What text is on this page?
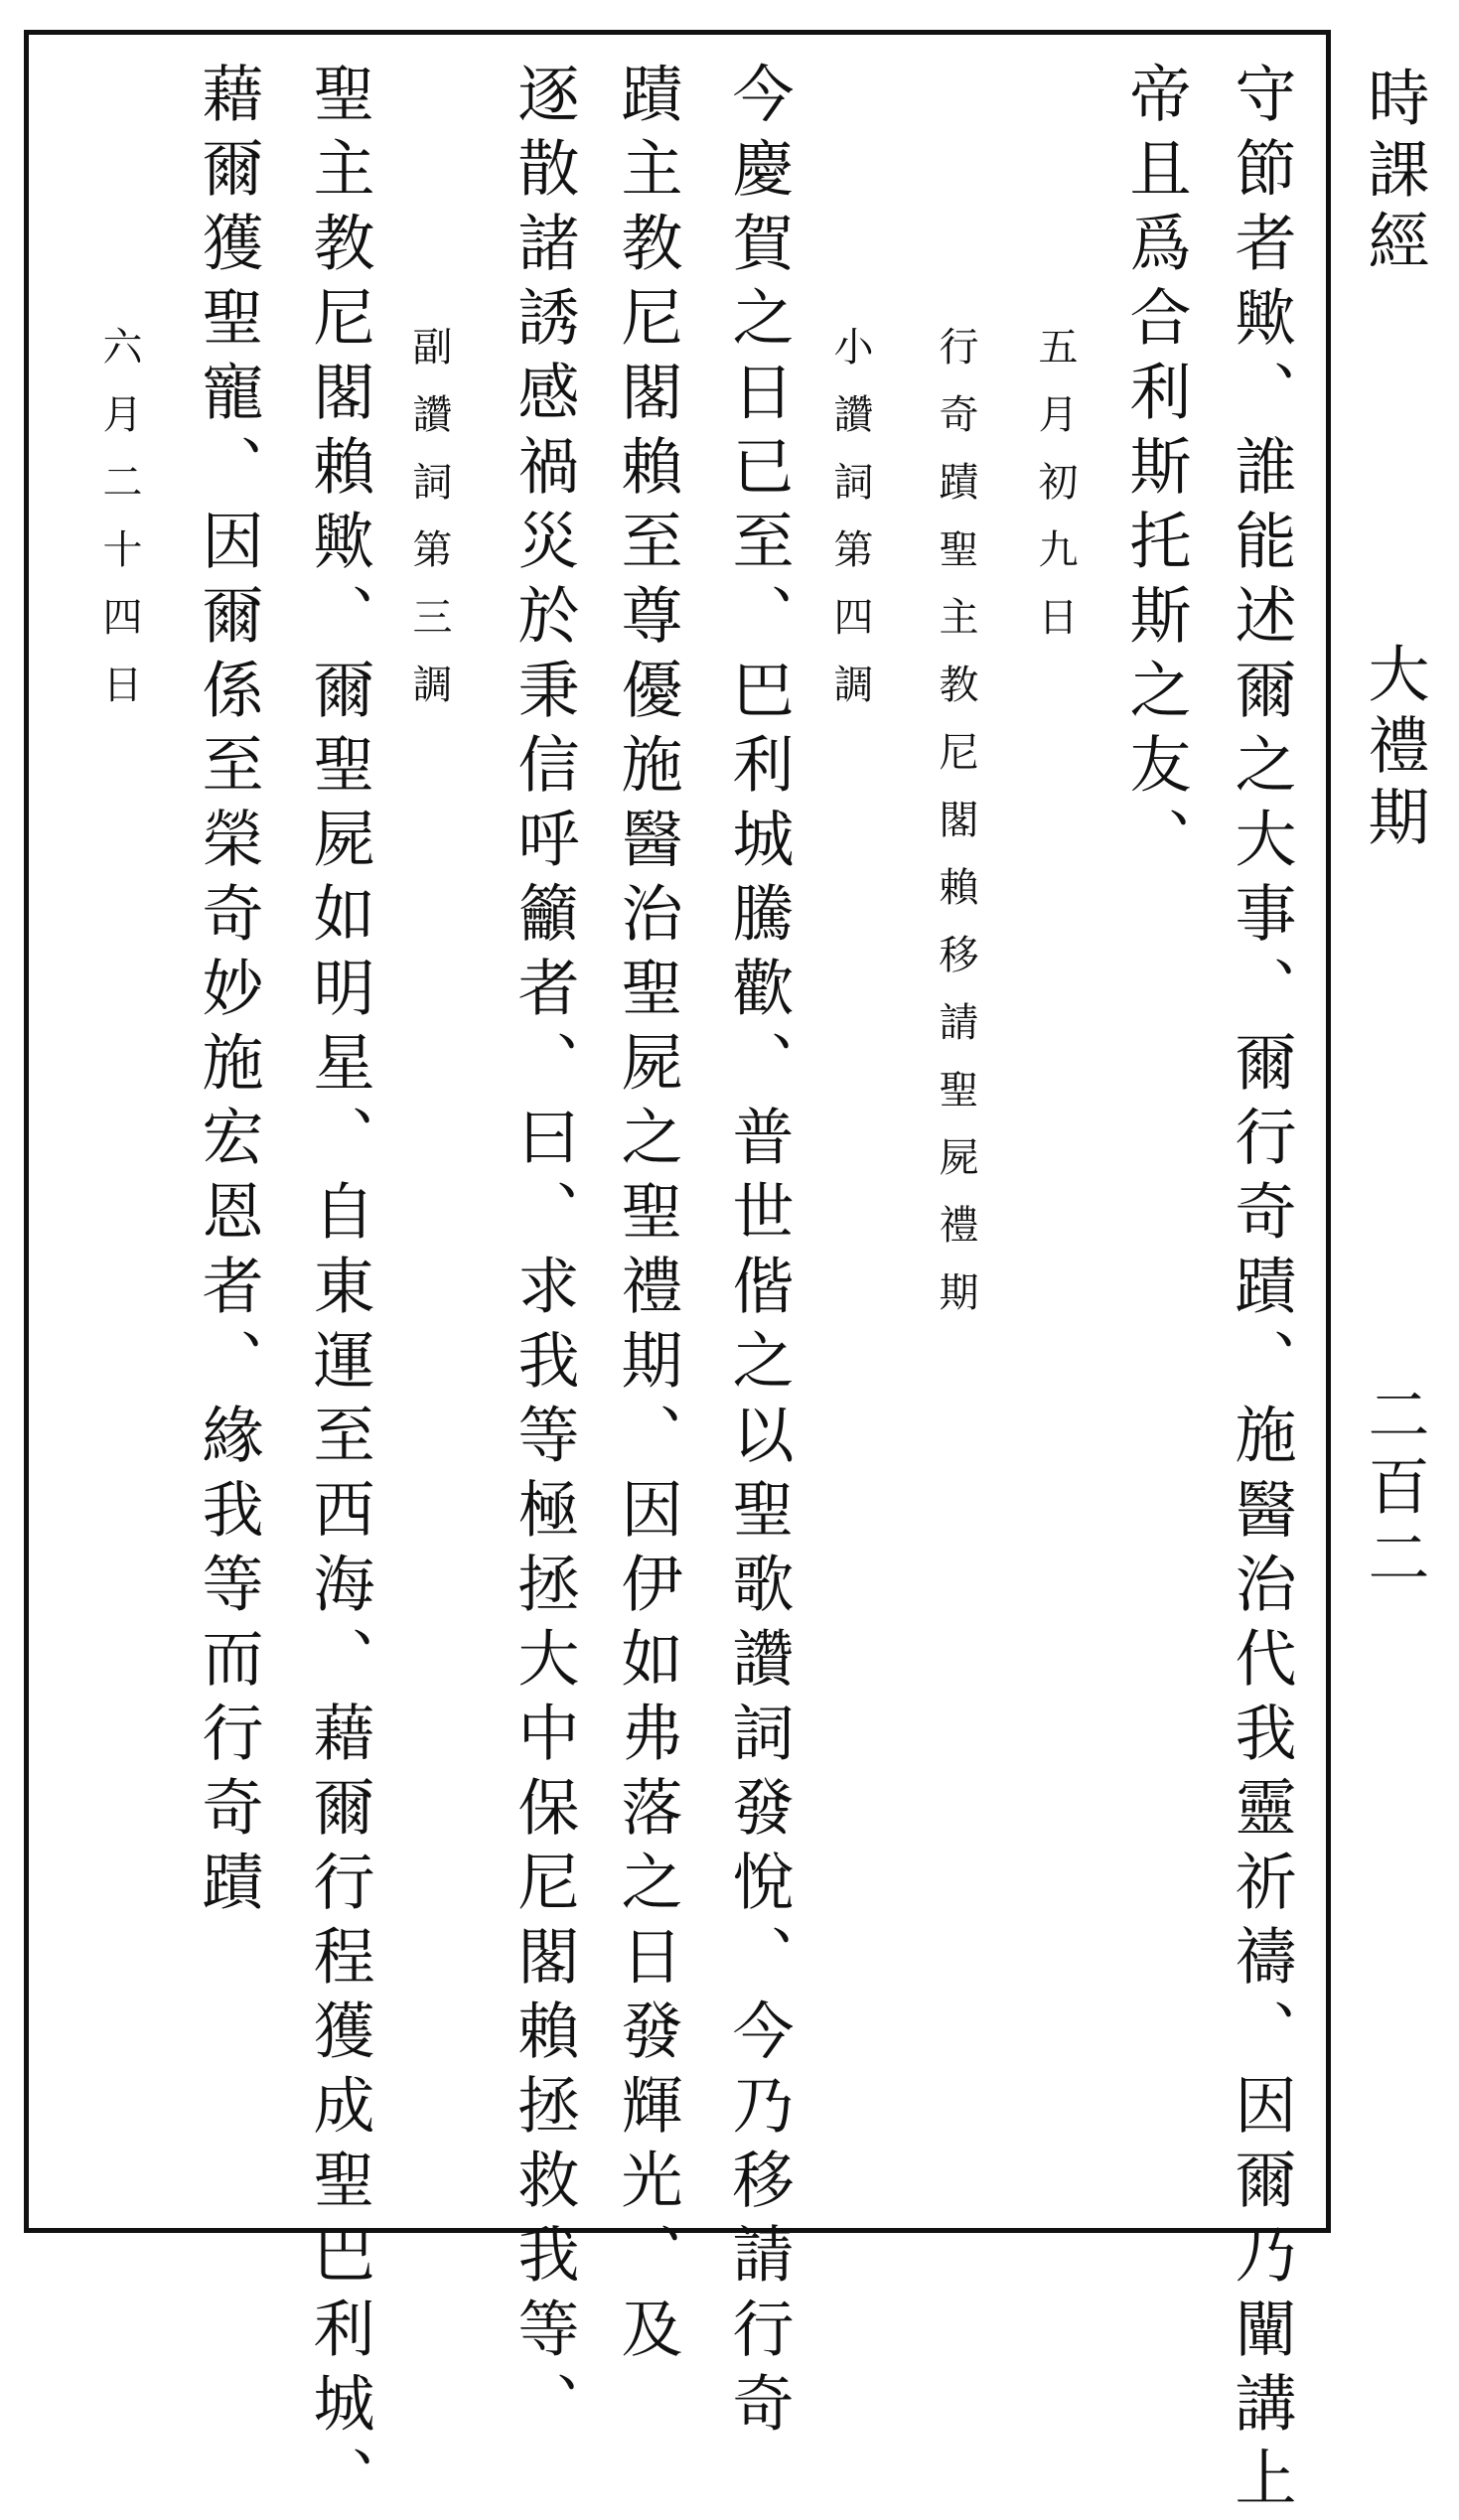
時課經
大禮期
二百二
守節者歟、誰能述爾之大事、爾行奇蹟、施醫治代我靈祈禱、因爾乃闡講上
帝且爲合利斯托斯之友、
五月初九日
行奇蹟聖主教尼閣賴移請聖屍禮期
小讚詞第四調
今慶賀之日已至、巴利城騰歡、普世偕之以聖歌讚詞發悅、今乃移請行奇
蹟主教尼閣賴至尊優施醫治聖屍之聖禮期、因伊如弗落之日發輝光、及
逐散諸誘感禍災於秉信呼籲者、曰、求我等極拯大中保尼閣賴拯救我等、
副讚詞第三調
聖主教尼閣賴歟、爾聖屍如明星、自東運至西海、藉爾行程獲成聖巴利城、
藉爾獲聖寵、因爾係至榮奇妙施宏恩者、緣我等而行奇蹟
六月二十四日
